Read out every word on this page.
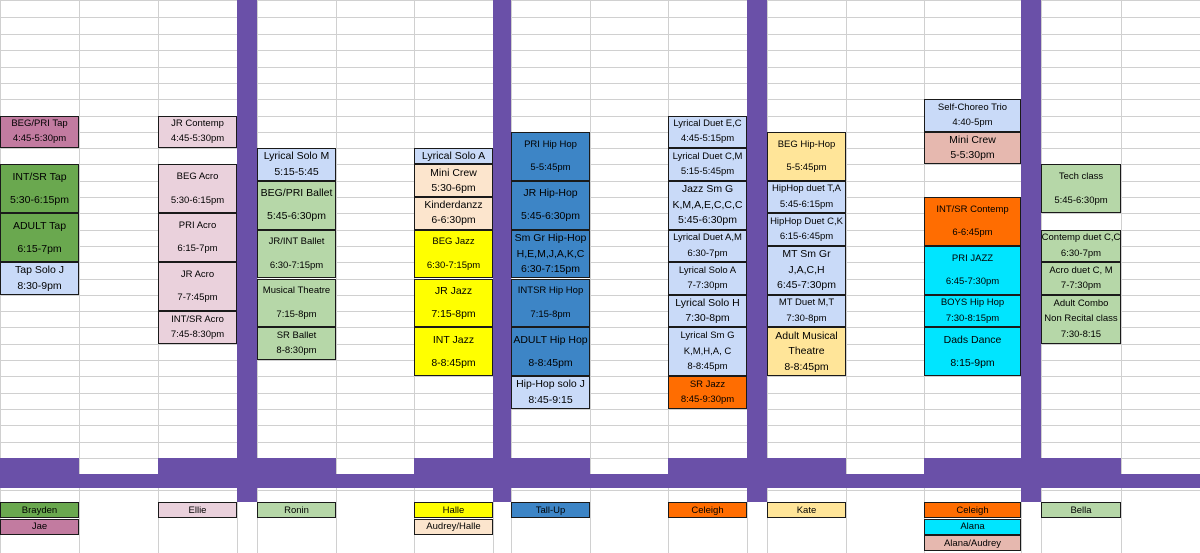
BEG/PRI Tap
4:45-5:30pm
INT/SR Tap
5:30-6:15pm
ADULT Tap
6:15-7pm
Tap Solo J
8:30-9pm
JR Contemp
4:45-5:30pm
BEG Acro
5:30-6:15pm
PRI Acro
6:15-7pm
JR Acro
7-7:45pm
INT/SR Acro
7:45-8:30pm
Lyrical Solo M
5:15-5:45
BEG/PRI Ballet
5:45-6:30pm
JR/INT Ballet
6:30-7:15pm
Musical Theatre
7:15-8pm
SR Ballet
8-8:30pm
Lyrical Solo A
Mini Crew
5:30-6pm
Kinderdanzz
6-6:30pm
BEG Jazz
6:30-7:15pm
JR Jazz
7:15-8pm
INT Jazz
8-8:45pm
PRI Hip Hop
5-5:45pm
JR Hip-Hop
5:45-6:30pm
Sm Gr Hip-Hop
H,E,M,J,A,K,C
6:30-7:15pm
INTSR Hip Hop
7:15-8pm
ADULT Hip Hop
8-8:45pm
Hip-Hop solo J
8:45-9:15
Lyrical Duet E,C
4:45-5:15pm
Lyrical Duet C,M
5:15-5:45pm
Jazz Sm G
K,M,A,E,C,C,C
5:45-6:30pm
Lyrical Duet A,M
6:30-7pm
Lyrical Solo A
7-7:30pm
Lyrical Solo H
7:30-8pm
Lyrical Sm G
K,M,H,A, C
8-8:45pm
SR Jazz
8:45-9:30pm
BEG Hip-Hop
5-5:45pm
HipHop duet T,A
5:45-6:15pm
HipHop Duet C,K
6:15-6:45pm
MT Sm Gr
J,A,C,H
6:45-7:30pm
MT Duet M,T
7:30-8pm
Adult Musical
Theatre
8-8:45pm
Self-Choreo Trio
4:40-5pm
Mini Crew
5-5:30pm
INT/SR Contemp
6-6:45pm
PRI JAZZ
6:45-7:30pm
BOYS Hip Hop
7:30-8:15pm
Dads Dance
8:15-9pm
Tech class
5:45-6:30pm
Contemp duet C,C
6:30-7pm
Acro duet C, M
7-7:30pm
Adult Combo
Non Recital class
7:30-8:15
Brayden
Jae
Ellie	Ronin	Halle
Audrey/Halle
Tall-Up	Celeigh	Kate	Celeigh
Alana
Alana/Audrey
Bella
